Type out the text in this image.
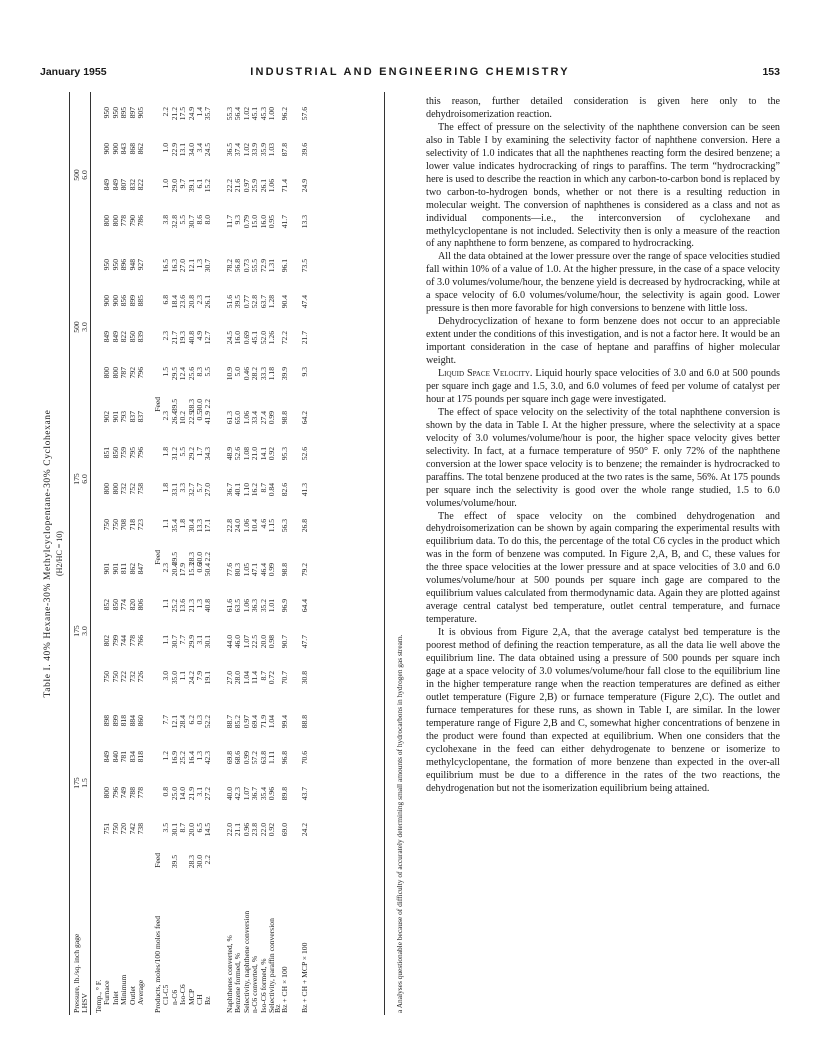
January 1955	INDUSTRIAL AND ENGINEERING CHEMISTRY	153
Table I. 40% Hexane-30% Methylcyclopentane-30% Cyclohexane (H2/HC = 10)
a Analyses questionable because of difficulty of accurately determining small amounts of hydrocarbons in hydrogen gas stream.
Pressure, lb./sq. inch gage LHSV
175 1.5
175 3.0
175 6.0
500 3.0
500 6.0
Temp., ° F. Furnace Inlet Minimum Outlet Average
751
800
849
898
750
796
840
899
720
749
781
818
742
788
834
884
738
778
818
860
750
802
852
901
750
799
850
901
722
744
774
811
732
778
820
862
726
766
806
847
750
800
851
902
750
800
850
901
708
732
759
793
718
752
795
837
723
758
796
837
800
849
900
950
800
849
900
950
787
822
856
896
792
850
899
948
796
839
885
927
800
849
900
950
800
849
900
950
778
807
843
895
790
832
868
897
786
822
862
905
Products, moles/100 moles feed
Feed
Feed
Feed
C1-C5 n-C6 Iso-C6 MCP CH Bz
39.5
39.5
39.5
28.3
28.3
28.3
30.0
30.0
30.0
2.2
2.2
2.2
3.5
0.8
1.2
7.7
30.1
25.0
16.9
12.1
8.7
14.0
25.2
28.4
20.0
21.9
16.4
6.2
6.5
3.1
1.3
0.3
14.5
27.2
42.3
52.2
3.0
1.1
1.1
2.3
35.0
30.7
25.2
20.4
1.1
7.7
13.6
17.9
24.2
29.9
21.3
15.3
7.9
3.1
1.3
0.6
19.1
30.1
40.8
50.4
1.1
1.8
1.8
2.3
35.4
33.1
31.2
26.4
1.8
3.3
5.5
10.2
30.4
32.7
29.2
22.9
13.3
5.7
1.7
0.5
17.1
27.0
34.3
41.9
1.5
2.3
6.8
16.5
29.5
21.7
18.4
16.3
12.4
19.3
23.6
27.0
25.6
40.8
20.8
12.1
8.3
4.9
2.3
1.3
5.5
12.7
26.1
30.7
3.8
1.0
1.0
2.2
32.8
29.0
22.9
21.2
5.5
9.7
13.1
17.5
30.7
39.1
34.0
24.9
8.6
6.1
3.4
1.4
8.0
15.2
24.5
35.7
Naphthenes converted, % Benzene formed, % Selectivity, naphthene conversion n-C6 converted, % Iso-C6 formed, % Selectivity, paraffin conversion
Bz
Bz + CH × 100 Bz + CH + MCP × 100
22.0
40.0
69.8
88.7
21.1
42.3
68.6
85.2
0.96
1.07
0.99
0.97
23.8
36.7
57.2
69.4
22.0
35.4
63.8
71.9
0.92
0.96
1.11
1.04
69.0
89.8
96.8
99.4
24.2
43.7
70.6
88.8
27.0
44.0
61.6
77.6
28.0
46.0
63.5
80.3
1.04
1.07
1.06
1.05
11.4
22.5
36.3
47.1
8.7
20.0
35.2
46.4
0.72
0.98
1.01
0.99
70.7
90.7
96.9
98.8
30.8
47.7
64.4
79.2
22.8
36.7
48.9
61.3
24.0
40.1
52.6
65.0
1.06
1.10
1.08
1.06
10.4
16.2
21.0
33.4
4.6
8.7
14.1
27.4
1.15
0.84
0.92
0.99
56.3
82.6
95.3
98.8
26.8
41.3
52.6
64.2
10.9
24.5
51.6
78.2
5.0
16.0
39.5
56.8
0.46
0.69
0.77
0.73
28.2
45.1
52.8
55.5
33.3
52.0
63.7
72.9
1.18
1.26
1.28
1.31
39.9
72.2
90.4
96.1
9.3
21.7
47.4
73.5
11.7
22.2
36.5
55.3
9.3
21.6
37.4
56.4
0.79
0.97
1.02
1.02
15.0
25.9
33.9
45.1
16.0
26.1
35.9
45.3
0.95
1.06
1.03
1.00
41.7
71.4
87.8
96.2
13.3
24.9
39.6
57.6

this reason, further detailed consideration is given here only to the dehydroisomerization reaction.

The effect of pressure on the selectivity of the naphthene conversion can be seen also in Table I by examining the selectivity factor of naphthene conversion. Here a selectivity of 1.0 indicates that all the naphthenes reacting form the desired benzene; a lower value indicates hydrocracking of rings to paraffins. The term “hydrocracking” here is used to describe the reaction in which any carbon-to-carbon bond is replaced by two carbon-to-hydrogen bonds, whether or not there is a resulting reduction in molecular weight. The conversion of naphthenes is considered as a class and not as individual components—i.e., the interconversion of cyclohexane and methylcyclopentane is not included. Selectivity then is only a measure of the reaction of any naphthene to form benzene, as compared to hydrocracking.

All the data obtained at the lower pressure over the range of space velocities studied fall within 10% of a value of 1.0. At the higher pressure, in the case of a space velocity of 3.0 volumes/volume/hour, the benzene yield is decreased by hydrocracking, while at a space velocity of 6.0 volumes/volume/hour, the selectivity is again good. Lower pressure is then more favorable for high conversions to benzene with little loss.

Dehydrocyclization of hexane to form benzene does not occur to an appreciable extent under the conditions of this investigation, and is not a factor here. It would be an important consideration in the case of heptane and paraffins of higher molecular weight.

Liquid Space Velocity. Liquid hourly space velocities of 3.0 and 6.0 at 500 pounds per square inch gage and 1.5, 3.0, and 6.0 volumes of feed per volume of catalyst per hour at 175 pounds per square inch gage were investigated.

The effect of space velocity on the selectivity of the total naphthene conversion is shown by the data in Table I. At the higher pressure, where the selectivity at a space velocity of 3.0 volumes/volume/hour is poor, the higher space velocity gives better selectivity. In fact, at a furnace temperature of 950° F. only 72% of the naphthene conversion at the lower space velocity is to benzene; the remainder is hydrocracked to paraffins. The total benzene produced at the two rates is the same, 56%. At 175 pounds per square inch the selectivity is good over the whole range studied, 1.5 to 6.0 volumes/volume/hour.

The effect of space velocity on the combined dehydrogenation and dehydroisomerization can be shown by again comparing the experimental results with equilibrium data. To do this, the percentage of the total C6 cycles in the product which was in the form of benzene was computed. In Figure 2,A, B, and C, these values for the three space velocities at the lower pressure and at space velocities of 3.0 and 6.0 volumes/volume/hour at 500 pounds per square inch gage are compared to the equilibrium values calculated from thermodynamic data. Again they are plotted against average central catalyst bed temperature, outlet central temperature, and furnace temperature.

It is obvious from Figure 2,A, that the average catalyst bed temperature is the poorest method of defining the reaction temperature, as all the data lie well above the equilibrium line. The data obtained using a pressure of 500 pounds per square inch gage at a space velocity of 3.0 volumes/volume/hour fall close to the equilibrium line in the higher temperature range when the reaction temperatures are defined as either outlet temperature (Figure 2,B) or furnace temperature (Figure 2,C). The outlet and furnace temperatures for these runs, as shown in Table I, are similar. In the lower temperature range of Figure 2,B and C, somewhat higher concentrations of benzene in the product were found than expected at equilibrium. When one considers that the cyclohexane in the feed can either dehydrogenate to benzene or isomerize to methylcyclopentane, the formation of more benzene than expected in the over-all equilibrium must be due to a difference in the rates of the two reactions, the dehydrogenation but not the isomerization equilibrium being attained.
